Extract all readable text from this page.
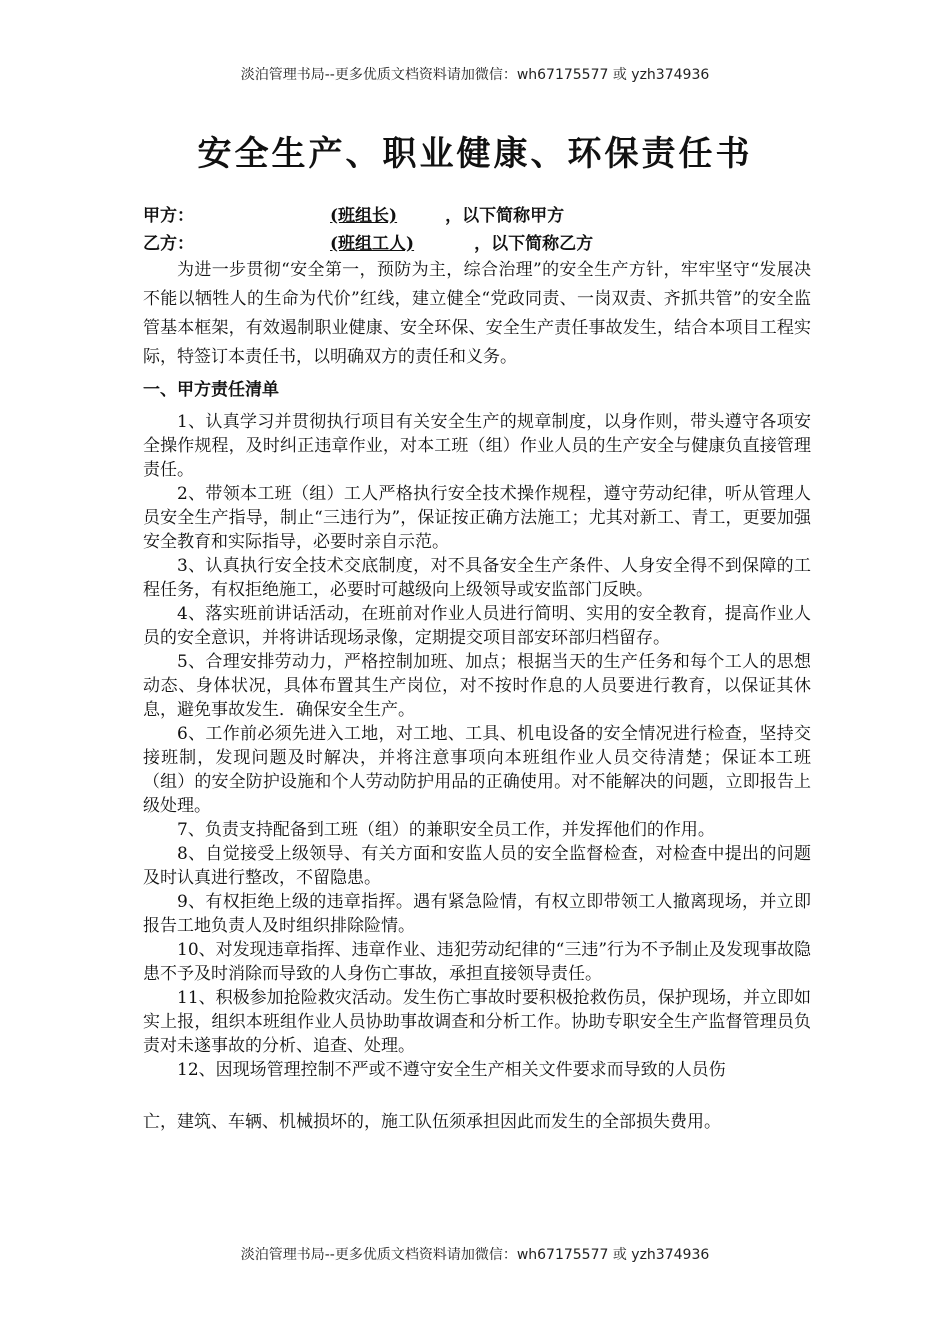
淡泊管理书局--更多优质文档资料请加微信：wh67175577 或 yzh374936
安全生产、职业健康、环保责任书
甲方：	(班组长)	，以下简称甲方
乙方：	(班组工人)	，以下简称乙方

为进一步贯彻“安全第一，预防为主，综合治理”的安全生产方针，牢牢坚守“发展决不能以牺牲人的生命为代价”红线，建立健全“党政同责、一岗双责、齐抓共管”的安全监管基本框架，有效遏制职业健康、安全环保、安全生产责任事故发生，结合本项目工程实际，特签订本责任书，以明确双方的责任和义务。

一、甲方责任清单

1、认真学习并贯彻执行项目有关安全生产的规章制度，以身作则，带头遵守各项安全操作规程，及时纠正违章作业，对本工班（组）作业人员的生产安全与健康负直接管理责任。

2、带领本工班（组）工人严格执行安全技术操作规程，遵守劳动纪律，听从管理人员安全生产指导，制止“三违行为”，保证按正确方法施工；尤其对新工、青工，更要加强安全教育和实际指导，必要时亲自示范。

3、认真执行安全技术交底制度，对不具备安全生产条件、人身安全得不到保障的工程任务，有权拒绝施工，必要时可越级向上级领导或安监部门反映。

4、落实班前讲话活动，在班前对作业人员进行简明、实用的安全教育，提高作业人员的安全意识，并将讲话现场录像，定期提交项目部安环部归档留存。

5、合理安排劳动力，严格控制加班、加点；根据当天的生产任务和每个工人的思想动态、身体状况，具体布置其生产岗位，对不按时作息的人员要进行教育，以保证其休息，避免事故发生．确保安全生产。

6、工作前必须先进入工地，对工地、工具、机电设备的安全情况进行检查，坚持交接班制，发现问题及时解决，并将注意事项向本班组作业人员交待清楚；保证本工班（组）的安全防护设施和个人劳动防护用品的正确使用。对不能解决的问题，立即报告上级处理。

7、负责支持配备到工班（组）的兼职安全员工作，并发挥他们的作用。

8、自觉接受上级领导、有关方面和安监人员的安全监督检查，对检查中提出的问题及时认真进行整改，不留隐患。

9、有权拒绝上级的违章指挥。遇有紧急险情，有权立即带领工人撤离现场，并立即报告工地负责人及时组织排除险情。

10、对发现违章指挥、违章作业、违犯劳动纪律的“三违”行为不予制止及发现事故隐患不予及时消除而导致的人身伤亡事故，承担直接领导责任。

11、积极参加抢险救灾活动。发生伤亡事故时要积极抢救伤员，保护现场，并立即如实上报，组织本班组作业人员协助事故调查和分析工作。协助专职安全生产监督管理员负责对未遂事故的分析、追查、处理。

12、因现场管理控制不严或不遵守安全生产相关文件要求而导致的人员伤

亡，建筑、车辆、机械损坏的，施工队伍须承担因此而发生的全部损失费用。

淡泊管理书局--更多优质文档资料请加微信：wh67175577 或 yzh374936
